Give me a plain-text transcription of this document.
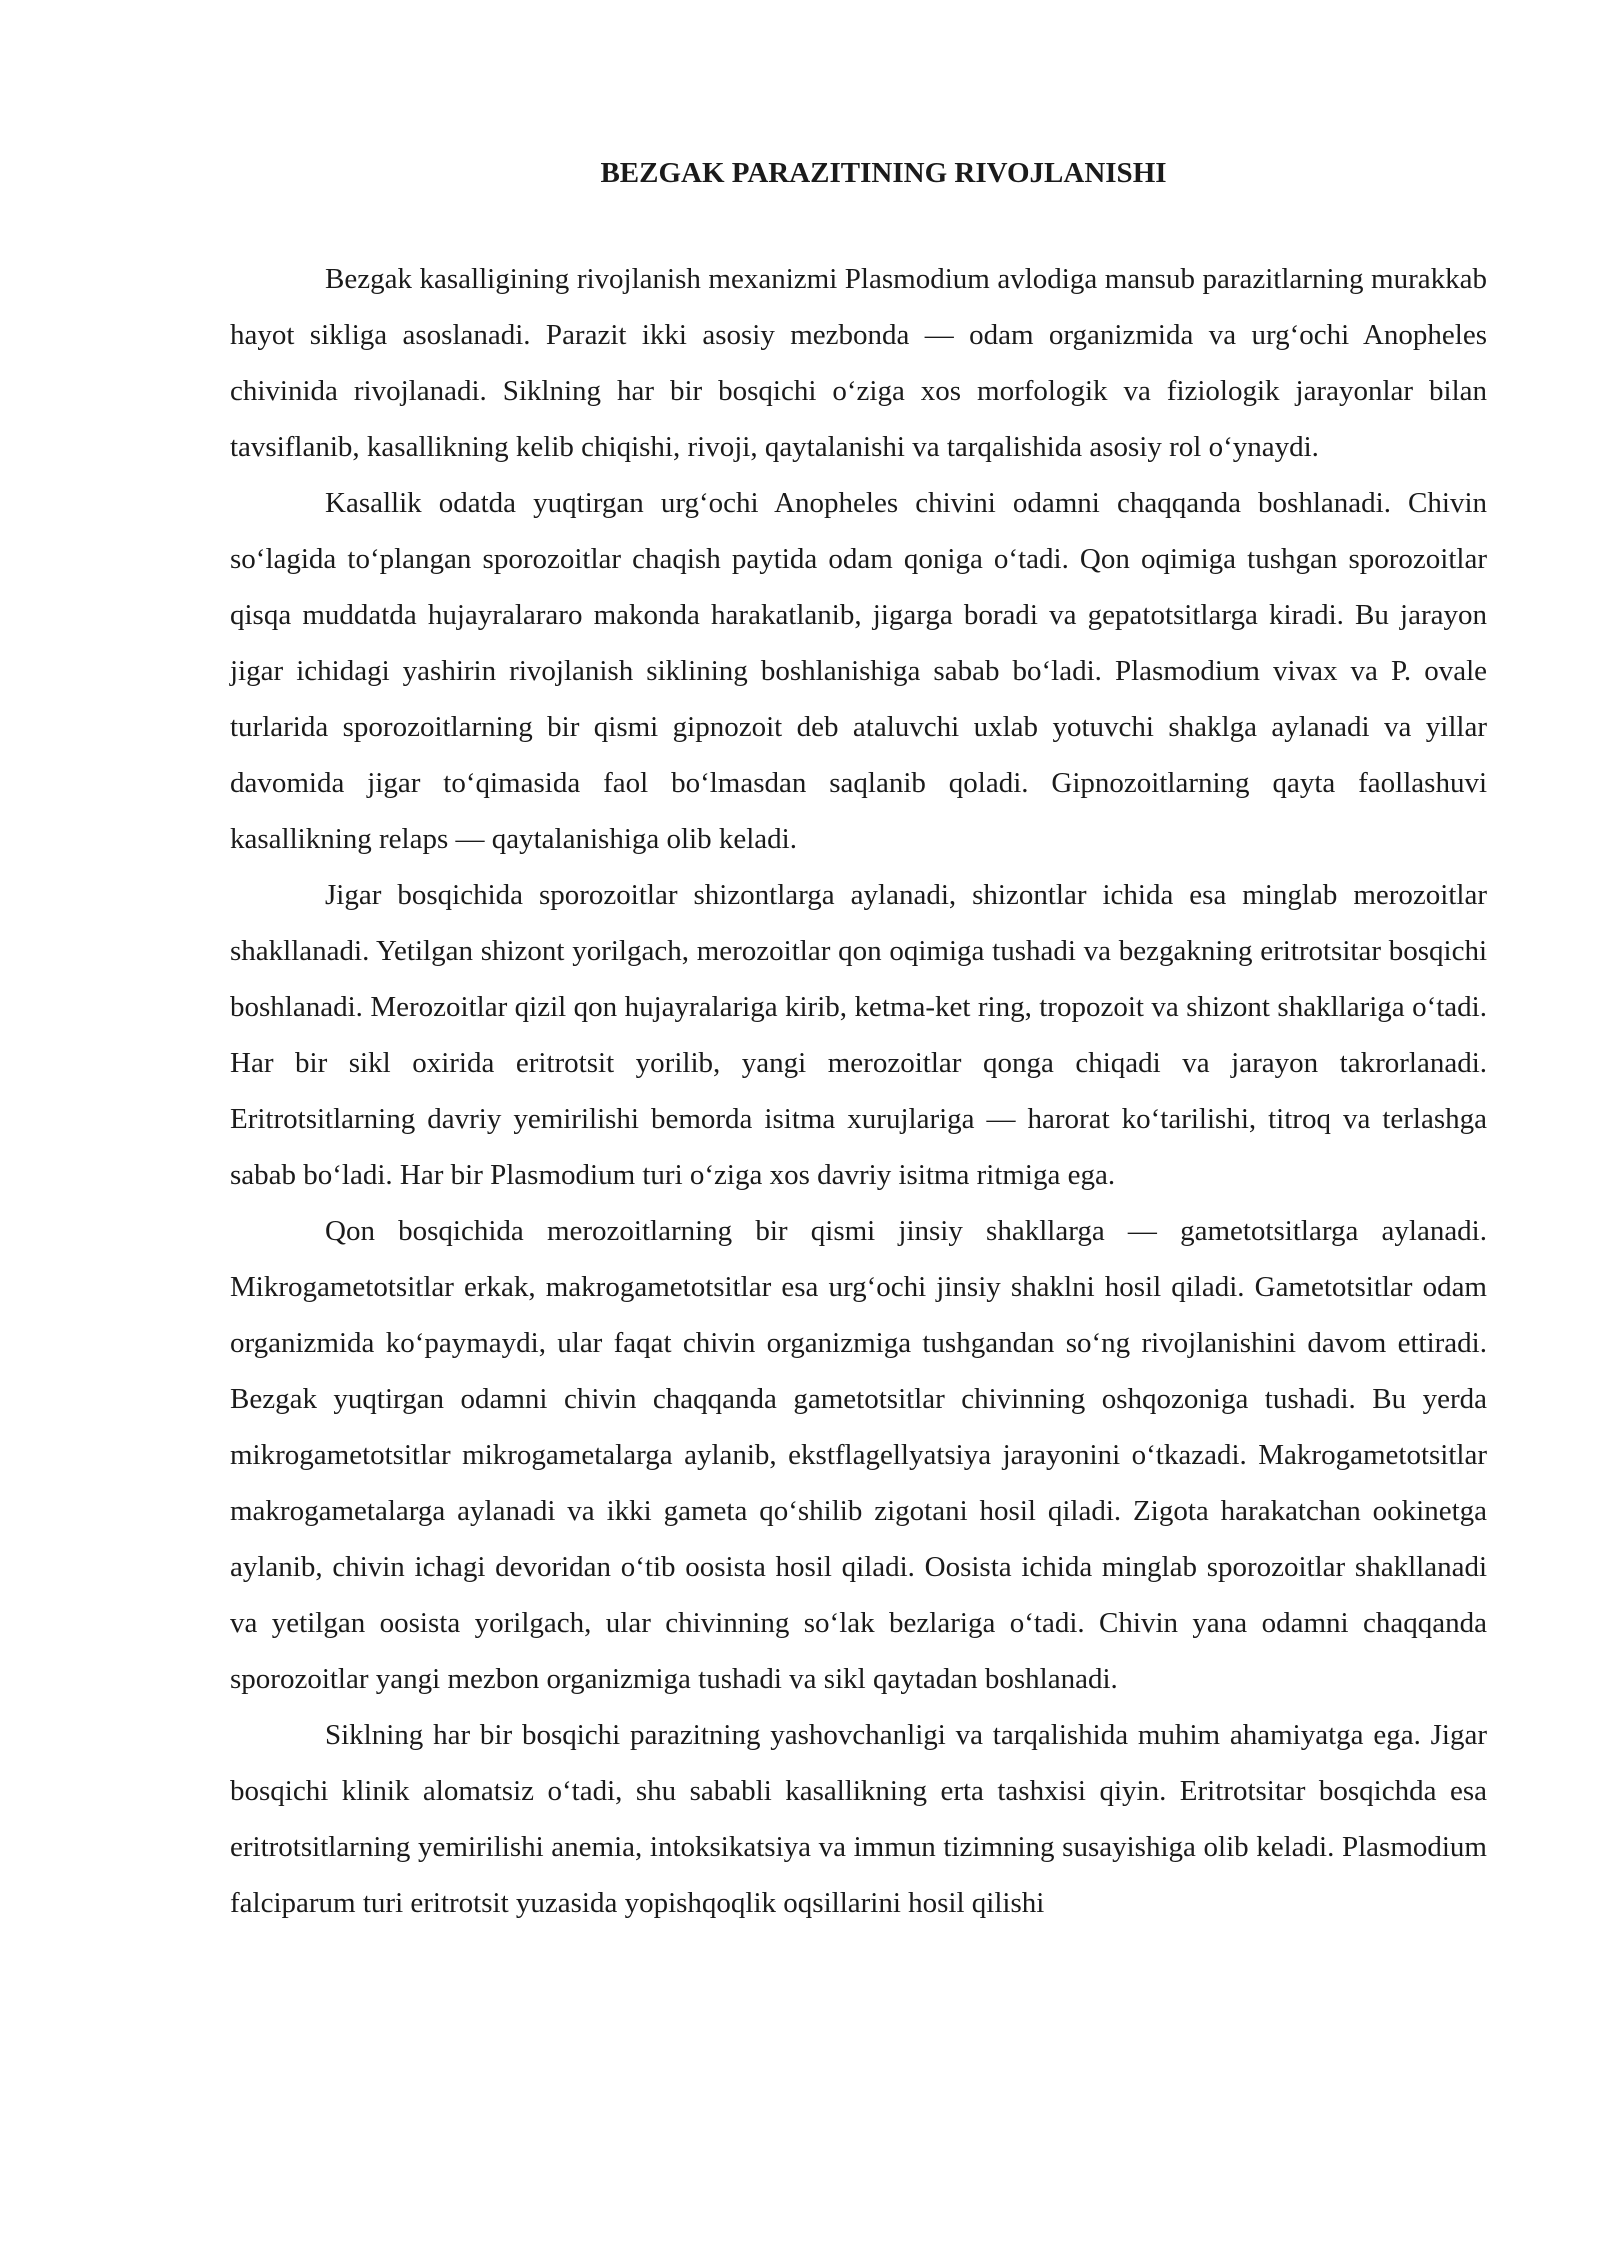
BEZGAK PARAZITINING RIVOJLANISHI

Bezgak kasalligining rivojlanish mexanizmi Plasmodium avlodiga mansub parazitlarning murakkab hayot sikliga asoslanadi. Parazit ikki asosiy mezbonda — odam organizmida va urg‘ochi Anopheles chivinida rivojlanadi. Siklning har bir bosqichi o‘ziga xos morfologik va fiziologik jarayonlar bilan tavsiflanib, kasallikning kelib chiqishi, rivoji, qaytalanishi va tarqalishida asosiy rol o‘ynaydi.

Kasallik odatda yuqtirgan urg‘ochi Anopheles chivini odamni chaqqanda boshlanadi. Chivin so‘lagida to‘plangan sporozoitlar chaqish paytida odam qoniga o‘tadi. Qon oqimiga tushgan sporozoitlar qisqa muddatda hujayralararo makonda harakatlanib, jigarga boradi va gepatotsitlarga kiradi. Bu jarayon jigar ichidagi yashirin rivojlanish siklining boshlanishiga sabab bo‘ladi. Plasmodium vivax va P. ovale turlarida sporozoitlarning bir qismi gipnozoit deb ataluvchi uxlab yotuvchi shaklga aylanadi va yillar davomida jigar to‘qimasida faol bo‘lmasdan saqlanib qoladi. Gipnozoitlarning qayta faollashuvi kasallikning relaps — qaytalanishiga olib keladi.

Jigar bosqichida sporozoitlar shizontlarga aylanadi, shizontlar ichida esa minglab merozoitlar shakllanadi. Yetilgan shizont yorilgach, merozoitlar qon oqimiga tushadi va bezgakning eritrotsitar bosqichi boshlanadi. Merozoitlar qizil qon hujayralariga kirib, ketma-ket ring, tropozoit va shizont shakllariga o‘tadi. Har bir sikl oxirida eritrotsit yorilib, yangi merozoitlar qonga chiqadi va jarayon takrorlanadi. Eritrotsitlarning davriy yemirilishi bemorda isitma xurujlariga — harorat ko‘tarilishi, titroq va terlashga sabab bo‘ladi. Har bir Plasmodium turi o‘ziga xos davriy isitma ritmiga ega.

Qon bosqichida merozoitlarning bir qismi jinsiy shakllarga — gametotsitlarga aylanadi. Mikrogametotsitlar erkak, makrogametotsitlar esa urg‘ochi jinsiy shaklni hosil qiladi. Gametotsitlar odam organizmida ko‘paymaydi, ular faqat chivin organizmiga tushgandan so‘ng rivojlanishini davom ettiradi. Bezgak yuqtirgan odamni chivin chaqqanda gametotsitlar chivinning oshqozoniga tushadi. Bu yerda mikrogametotsitlar mikrogametalarga aylanib, ekstflagellyatsiya jarayonini o‘tkazadi. Makrogametotsitlar makrogametalarga aylanadi va ikki gameta qo‘shilib zigotani hosil qiladi. Zigota harakatchan ookinetga aylanib, chivin ichagi devoridan o‘tib oosista hosil qiladi. Oosista ichida minglab sporozoitlar shakllanadi va yetilgan oosista yorilgach, ular chivinning so‘lak bezlariga o‘tadi. Chivin yana odamni chaqqanda sporozoitlar yangi mezbon organizmiga tushadi va sikl qaytadan boshlanadi.

Siklning har bir bosqichi parazitning yashovchanligi va tarqalishida muhim ahamiyatga ega. Jigar bosqichi klinik alomatsiz o‘tadi, shu sababli kasallikning erta tashxisi qiyin. Eritrotsitar bosqichda esa eritrotsitlarning yemirilishi anemia, intoksikatsiya va immun tizimning susayishiga olib keladi. Plasmodium falciparum turi eritrotsit yuzasida yopishqoqlik oqsillarini hosil qilishi
